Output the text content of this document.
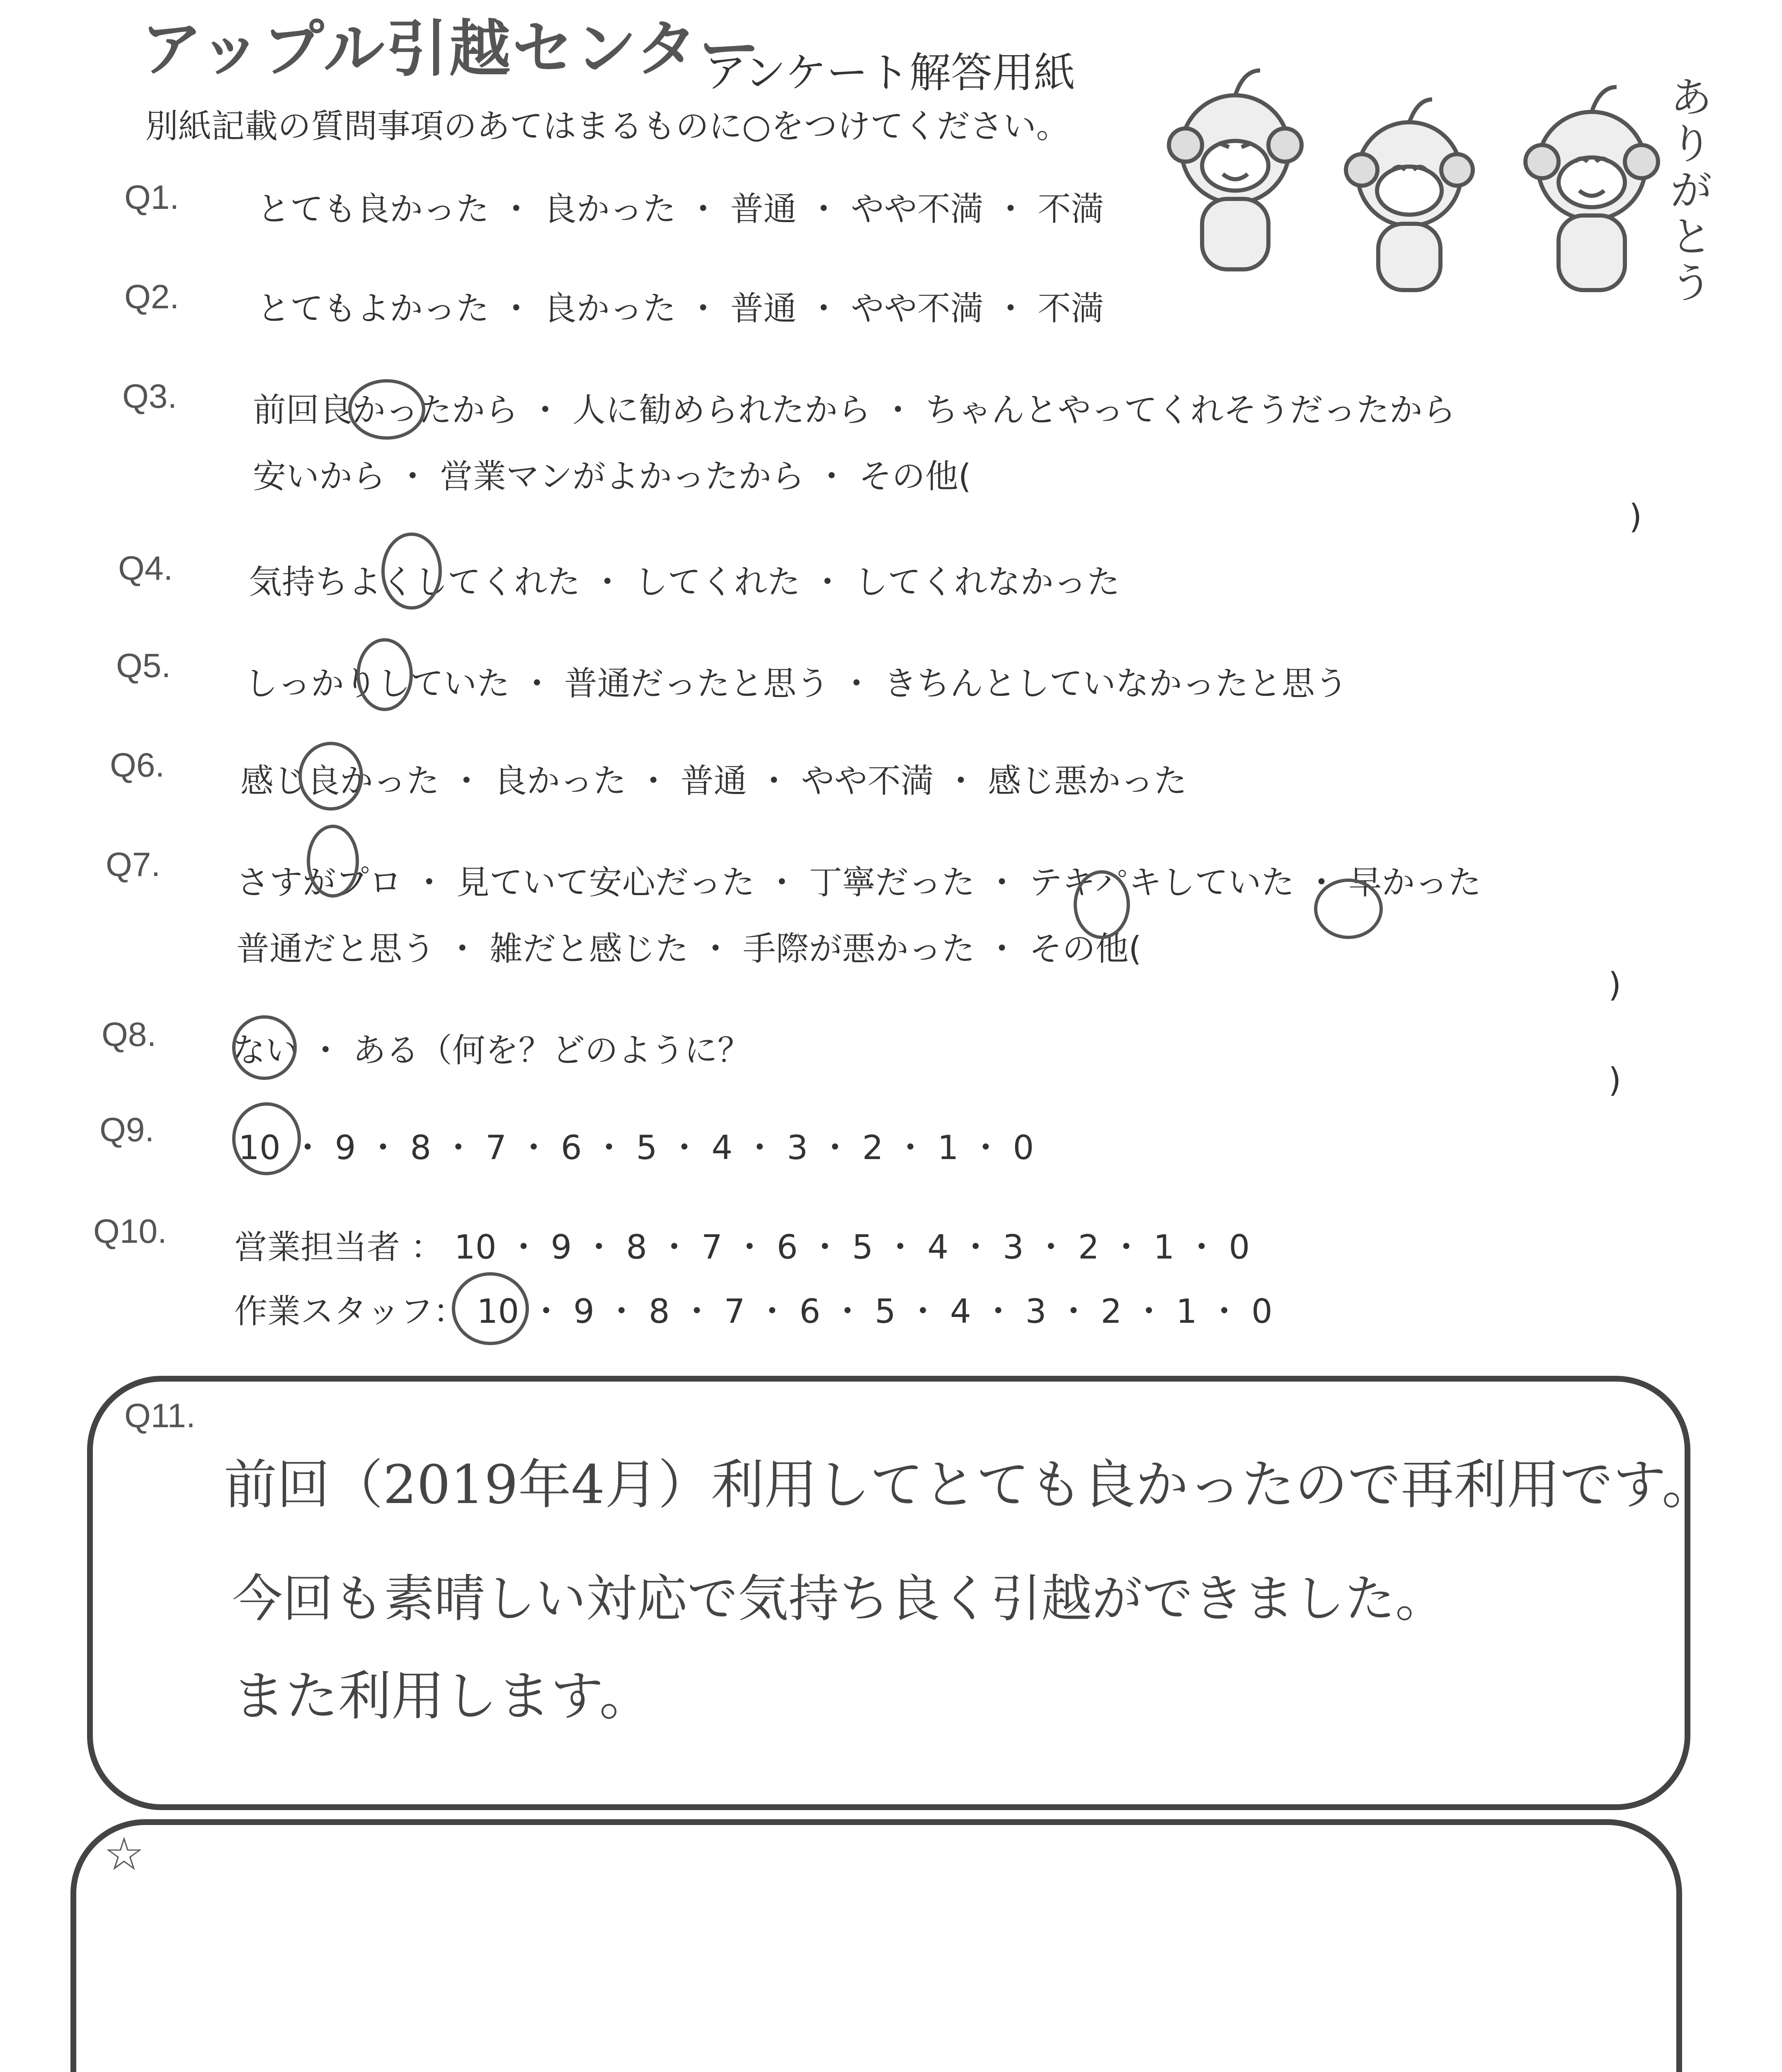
アップル引越センター
アンケート解答用紙
別紙記載の質問事項のあてはまるものに○をつけてください。
ありがとう
Q1. とても良かった ・ 良かった ・ 普通 ・ やや不満 ・ 不満
Q2. とてもよかった ・ 良かった ・ 普通 ・ やや不満 ・ 不満
Q3. 前回良かったから ・ 人に勧められたから ・ ちゃんとやってくれそうだったから
安いから ・ 営業マンがよかったから ・ その他(
)
Q4. 気持ちよくしてくれた ・ してくれた ・ してくれなかった
Q5. しっかりしていた ・ 普通だったと思う ・ きちんとしていなかったと思う
Q6. 感じ良かった ・ 良かった ・ 普通 ・ やや不満 ・ 感じ悪かった
Q7. さすがプロ ・ 見ていて安心だった ・ 丁寧だった ・ テキパキしていた ・ 早かった
普通だと思う ・ 雑だと感じた ・ 手際が悪かった ・ その他(
)
Q8. ない ・ ある（何を？どのように？
)
Q9.	10 ・ 9 ・ 8 ・ 7 ・ 6 ・ 5 ・ 4 ・ 3 ・ 2 ・ 1 ・ 0
Q10. 営業担当者 ： 10 ・ 9 ・ 8 ・ 7 ・ 6 ・ 5 ・ 4 ・ 3 ・ 2 ・ 1 ・ 0
作業スタッフ： 10 ・ 9 ・ 8 ・ 7 ・ 6 ・ 5 ・ 4 ・ 3 ・ 2 ・ 1 ・ 0
Q11.
前回（2019年4月）利用してとても良かったので再利用です。
今回も素晴しい対応で気持ち良く引越ができました。
また利用します。
☆
